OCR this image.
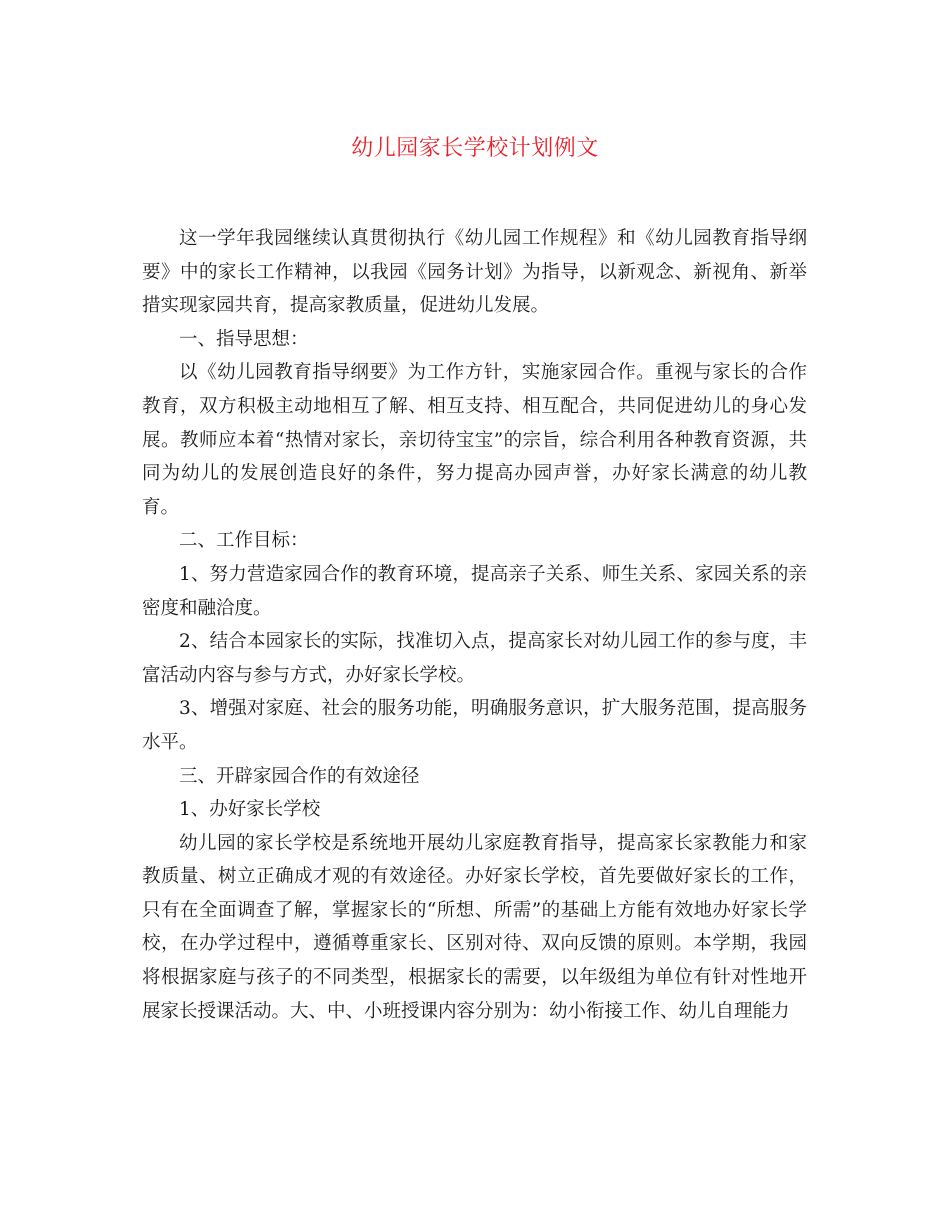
幼儿园家长学校计划例文

这一学年我园继续认真贯彻执行《幼儿园工作规程》和《幼儿园教育指导纲要》中的家长工作精神，以我园《园务计划》为指导，以新观念、新视角、新举措实现家园共育，提高家教质量，促进幼儿发展。

一、指导思想：

以《幼儿园教育指导纲要》为工作方针，实施家园合作。重视与家长的合作教育，双方积极主动地相互了解、相互支持、相互配合，共同促进幼儿的身心发展。教师应本着“热情对家长，亲切待宝宝”的宗旨，综合利用各种教育资源，共同为幼儿的发展创造良好的条件，努力提高办园声誉，办好家长满意的幼儿教育。

二、工作目标：

1、努力营造家园合作的教育环境，提高亲子关系、师生关系、家园关系的亲密度和融洽度。

2、结合本园家长的实际，找准切入点，提高家长对幼儿园工作的参与度，丰富活动内容与参与方式，办好家长学校。

3、增强对家庭、社会的服务功能，明确服务意识，扩大服务范围，提高服务水平。

三、开辟家园合作的有效途径

1、办好家长学校

幼儿园的家长学校是系统地开展幼儿家庭教育指导，提高家长家教能力和家教质量、树立正确成才观的有效途径。办好家长学校，首先要做好家长的工作，只有在全面调查了解，掌握家长的“所想、所需”的基础上方能有效地办好家长学校，在办学过程中，遵循尊重家长、区别对待、双向反馈的原则。本学期，我园将根据家庭与孩子的不同类型，根据家长的需要，以年级组为单位有针对性地开展家长授课活动。大、中、小班授课内容分别为：幼小衔接工作、幼儿自理能力
